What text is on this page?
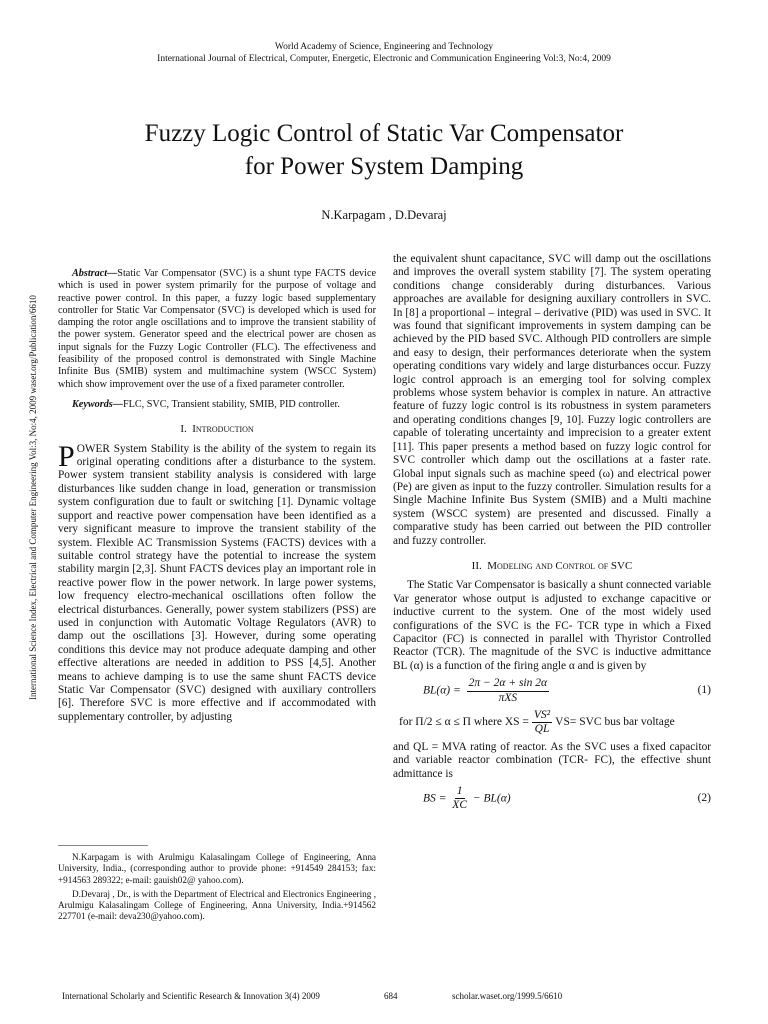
World Academy of Science, Engineering and Technology
International Journal of Electrical, Computer, Energetic, Electronic and Communication Engineering Vol:3, No:4, 2009
Fuzzy Logic Control of Static Var Compensator
for Power System Damping
N.Karpagam , D.Devaraj
International Science Index, Electrical and Computer Engineering Vol:3, No:4, 2009 waset.org/Publication/6610

Abstract—Static Var Compensator (SVC) is a shunt type FACTS device which is used in power system primarily for the purpose of voltage and reactive power control. In this paper, a fuzzy logic based supplementary controller for Static Var Compensator (SVC) is developed which is used for damping the rotor angle oscillations and to improve the transient stability of the power system. Generator speed and the electrical power are chosen as input signals for the Fuzzy Logic Controller (FLC). The effectiveness and feasibility of the proposed control is demonstrated with Single Machine Infinite Bus (SMIB) system and multimachine system (WSCC System) which show improvement over the use of a fixed parameter controller.

Keywords—FLC, SVC, Transient stability, SMIB, PID controller.

I. Introduction

POWER System Stability is the ability of the system to regain its original operating conditions after a disturbance to the system. Power system transient stability analysis is considered with large disturbances like sudden change in load, generation or transmission system configuration due to fault or switching [1]. Dynamic voltage support and reactive power compensation have been identified as a very significant measure to improve the transient stability of the system. Flexible AC Transmission Systems (FACTS) devices with a suitable control strategy have the potential to increase the system stability margin [2,3]. Shunt FACTS devices play an important role in reactive power flow in the power network. In large power systems, low frequency electro-mechanical oscillations often follow the electrical disturbances. Generally, power system stabilizers (PSS) are used in conjunction with Automatic Voltage Regulators (AVR) to damp out the oscillations [3]. However, during some operating conditions this device may not produce adequate damping and other effective alterations are needed in addition to PSS [4,5]. Another means to achieve damping is to use the same shunt FACTS device Static Var Compensator (SVC) designed with auxiliary controllers [6]. Therefore SVC is more effective and if accommodated with supplementary controller, by adjusting

N.Karpagam is with Arulmigu Kalasalingam College of Engineering, Anna University, India., (corresponding author to provide phone: +914549 284153; fax: +914563 289322; e-mail: gauish02@ yahoo.com).

D.Devaraj , Dr., is with the Department of Electrical and Electronics Engineering , Arulmigu Kalasalingam College of Engineering, Anna University, India.+914562 227701 (e-mail: deva230@yahoo.com).

the equivalent shunt capacitance, SVC will damp out the oscillations and improves the overall system stability [7]. The system operating conditions change considerably during disturbances. Various approaches are available for designing auxiliary controllers in SVC. In [8] a proportional – integral – derivative (PID) was used in SVC. It was found that significant improvements in system damping can be achieved by the PID based SVC. Although PID controllers are simple and easy to design, their performances deteriorate when the system operating conditions vary widely and large disturbances occur. Fuzzy logic control approach is an emerging tool for solving complex problems whose system behavior is complex in nature. An attractive feature of fuzzy logic control is its robustness in system parameters and operating conditions changes [9, 10]. Fuzzy logic controllers are capable of tolerating uncertainty and imprecision to a greater extent [11]. This paper presents a method based on fuzzy logic control for SVC controller which damp out the oscillations at a faster rate. Global input signals such as machine speed (ω) and electrical power (Pe) are given as input to the fuzzy controller. Simulation results for a Single Machine Infinite Bus System (SMIB) and a Multi machine system (WSCC system) are presented and discussed. Finally a comparative study has been carried out between the PID controller and fuzzy controller.

II. Modeling and Control of SVC

The Static Var Compensator is basically a shunt connected variable Var generator whose output is adjusted to exchange capacitive or inductive current to the system. One of the most widely used configurations of the SVC is the FC- TCR type in which a Fixed Capacitor (FC) is connected in parallel with Thyristor Controlled Reactor (TCR). The magnitude of the SVC is inductive admittance BL (α) is a function of the firing angle α and is given by

$BL(\alpha) = \frac{2\pi - 2\alpha + \sin 2\alpha}{\text{πXS}}$	(1)
for Π/2 ≤ α ≤ Π where XS = $\frac{\text{VS²}}{QL} VS=$ SVC bus bar voltage

and QL = MVA rating of reactor. As the SVC uses a fixed capacitor and variable reactor combination (TCR- FC), the effective shunt admittance is

BS = $\frac{1}{XC} - BL(\alpha)$	(2)
International Scholarly and Scientific Research & Innovation 3(4) 2009	684	scholar.waset.org/1999.5/6610
